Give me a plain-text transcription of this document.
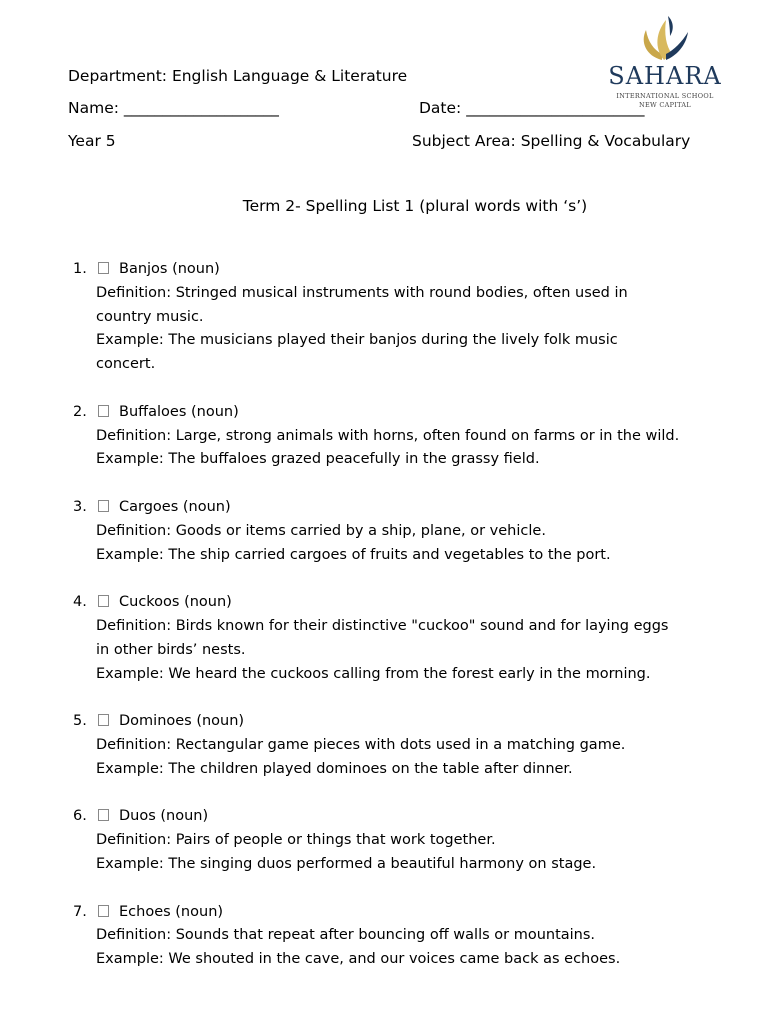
Department: English Language & Literature
Name: ____________________	Date: _______________________
Year 5	Subject Area: Spelling & Vocabulary
SAHARA
INTERNATIONAL SCHOOL
NEW CAPITAL
Term 2- Spelling List 1 (plural words with ‘s’)
1.	Banjos (noun)
Definition: Stringed musical instruments with round bodies, often used in
country music.
Example: The musicians played their banjos during the lively folk music
concert.
2.	Buffaloes (noun)
Definition: Large, strong animals with horns, often found on farms or in the wild.
Example: The buffaloes grazed peacefully in the grassy field.
3.	Cargoes (noun)
Definition: Goods or items carried by a ship, plane, or vehicle.
Example: The ship carried cargoes of fruits and vegetables to the port.
4.	Cuckoos (noun)
Definition: Birds known for their distinctive "cuckoo" sound and for laying eggs
in other birds’ nests.
Example: We heard the cuckoos calling from the forest early in the morning.
5.	Dominoes (noun)
Definition: Rectangular game pieces with dots used in a matching game.
Example: The children played dominoes on the table after dinner.
6.	Duos (noun)
Definition: Pairs of people or things that work together.
Example: The singing duos performed a beautiful harmony on stage.
7.	Echoes (noun)
Definition: Sounds that repeat after bouncing off walls or mountains.
Example: We shouted in the cave, and our voices came back as echoes.
